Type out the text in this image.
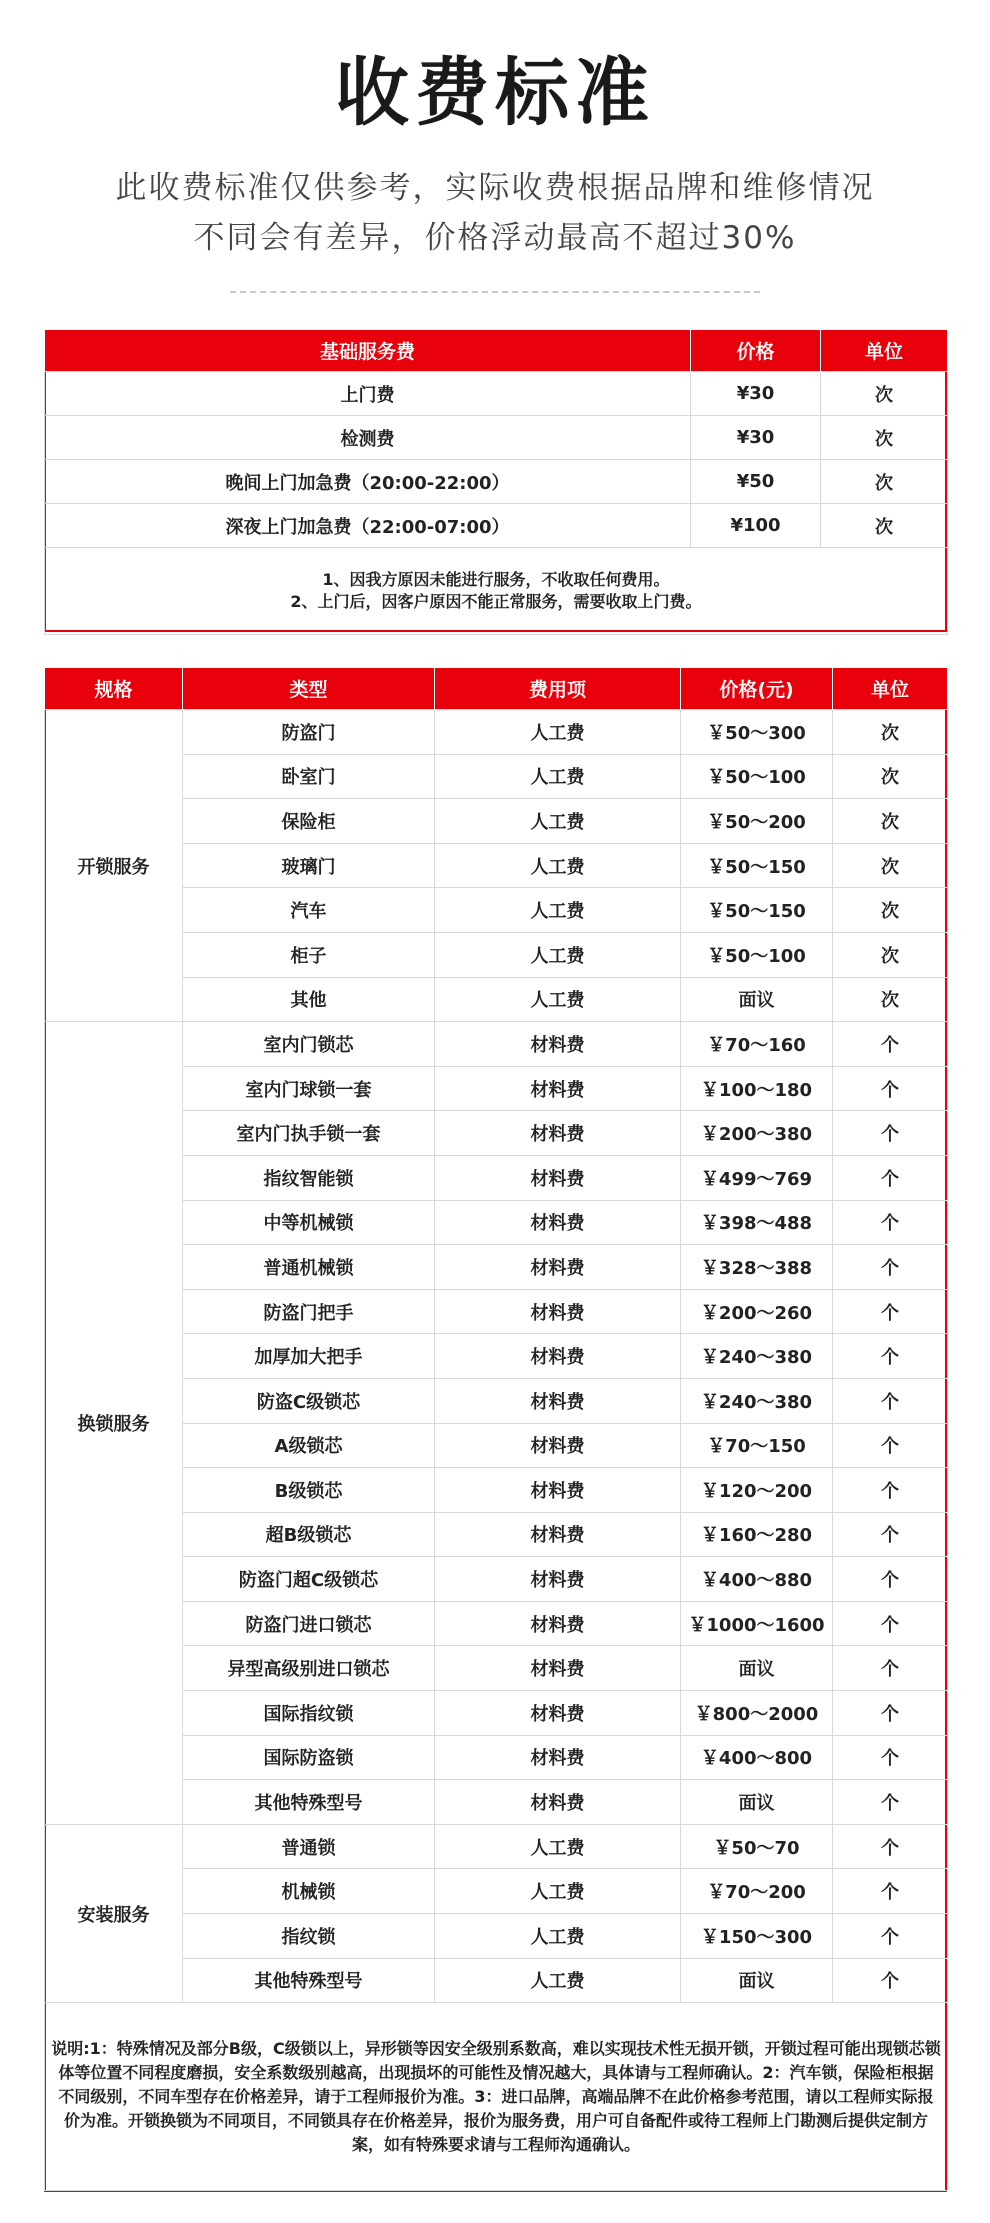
收费标准
此收费标准仅供参考，实际收费根据品牌和维修情况
不同会有差异，价格浮动最高不超过30%
基础服务费	价格	单位
上门费	¥30	次
检测费	¥30	次
晚间上门加急费（20:00-22:00）	¥50	次
深夜上门加急费（22:00-07:00）	¥100	次

1、因我方原因未能进行服务，不收取任何费用。
2、上门后，因客户原因不能正常服务，需要收取上门费。		
规格	类型	费用项	价格(元)	单位
开锁服务	防盗门	人工费	￥50～300	次
	卧室门	人工费	￥50～100	次
	保险柜	人工费	￥50～200	次
	玻璃门	人工费	￥50～150	次
	汽车	人工费	￥50～150	次
	柜子	人工费	￥50～100	次
	其他	人工费	面议	次
换锁服务	室内门锁芯	材料费	￥70～160	个
	室内门球锁一套	材料费	￥100～180	个
	室内门执手锁一套	材料费	￥200～380	个
	指纹智能锁	材料费	￥499～769	个
	中等机械锁	材料费	￥398～488	个
	普通机械锁	材料费	￥328～388	个
	防盗门把手	材料费	￥200～260	个
	加厚加大把手	材料费	￥240～380	个
	防盗C级锁芯	材料费	￥240～380	个
	A级锁芯	材料费	￥70～150	个
	B级锁芯	材料费	￥120～200	个
	超B级锁芯	材料费	￥160～280	个
	防盗门超C级锁芯	材料费	￥400～880	个
	防盗门进口锁芯	材料费	￥1000～1600	个
	异型高级别进口锁芯	材料费	面议	个
	国际指纹锁	材料费	￥800～2000	个
	国际防盗锁	材料费	￥400～800	个
	其他特殊型号	材料费	面议	个
安装服务	普通锁	人工费	￥50～70	个
	机械锁	人工费	￥70～200	个
	指纹锁	人工费	￥150～300	个
	其他特殊型号	人工费	面议	个
说明:1：特殊情况及部分B级，C级锁以上，异形锁等因安全级别系数高，难以实现技术性无损开锁，开锁过程可能出现锁芯锁体等位置不同程度磨损，安全系数级别越高，出现损坏的可能性及情况越大，具体请与工程师确认。2：汽车锁，保险柜根据不同级别，不同车型存在价格差异，请于工程师报价为准。3：进口品牌，高端品牌不在此价格参考范围，请以工程师实际报价为准。开锁换锁为不同项目，不同锁具存在价格差异，报价为服务费，用户可自备配件或待工程师上门勘测后提供定制方案，如有特殊要求请与工程师沟通确认。				
